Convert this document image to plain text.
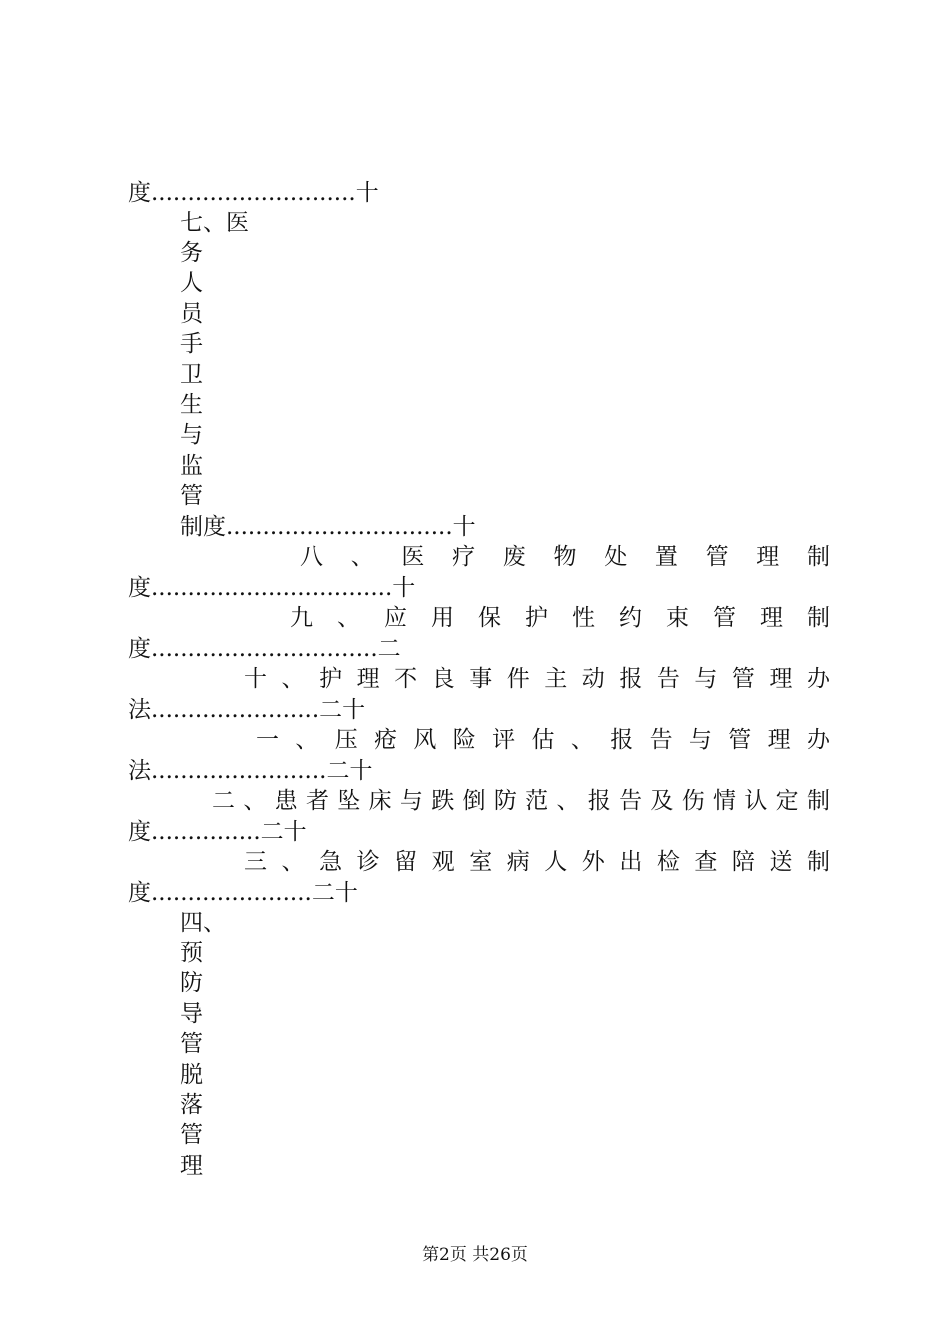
度............................十
七、医
务
人
员
手
卫
生
与
监
管
制度...............................十
八 、 医 疗 废 物 处 置 管 理 制
度.................................十
九 、 应 用 保 护 性 约 束 管 理 制
度...............................二
十 、 护 理 不 良 事 件 主 动 报 告 与 管 理 办
法.......................二十
一 、 压 疮 风 险 评 估 、 报 告 与 管 理 办
法........................二十
二、患者坠床与跌倒防范、报告及伤情认定制
度...............二十
三 、 急 诊 留 观 室 病 人 外 出 检 查 陪 送 制
度......................二十
四、
预
防
导
管
脱
落
管
理
第2页 共26页
